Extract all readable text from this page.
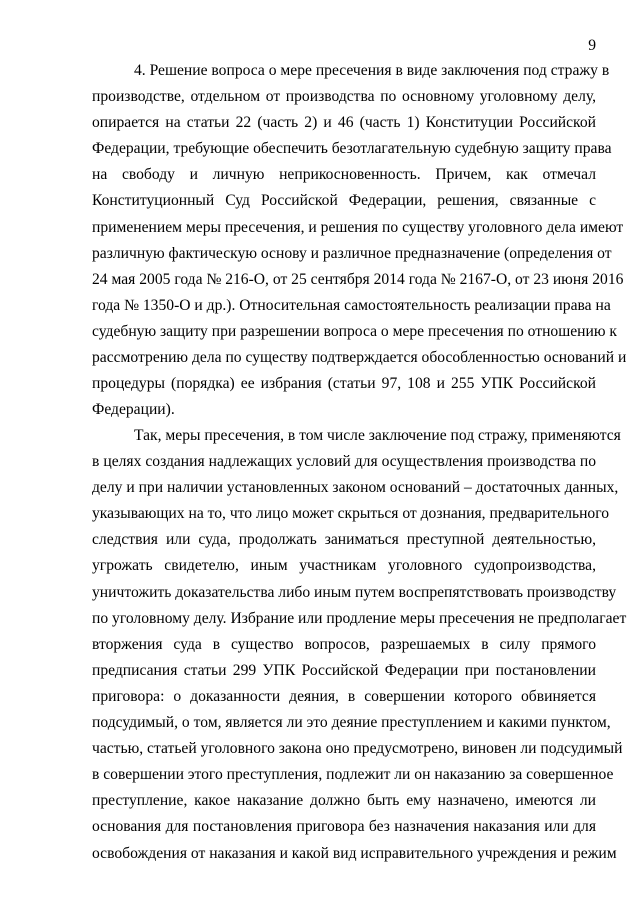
9
4. Решение вопроса о мере пресечения в виде заключения под стражу в
производстве, отдельном от производства по основному уголовному делу,
опирается на статьи 22 (часть 2) и 46 (часть 1) Конституции Российской
Федерации, требующие обеспечить безотлагательную судебную защиту права
на свободу и личную неприкосновенность. Причем, как отмечал
Конституционный Суд Российской Федерации, решения, связанные с
применением меры пресечения, и решения по существу уголовного дела имеют
различную фактическую основу и различное предназначение (определения от
24 мая 2005 года № 216-О, от 25 сентября 2014 года № 2167-О, от 23 июня 2016
года № 1350-О и др.). Относительная самостоятельность реализации права на
судебную защиту при разрешении вопроса о мере пресечения по отношению к
рассмотрению дела по существу подтверждается обособленностью оснований и
процедуры (порядка) ее избрания (статьи 97, 108 и 255 УПК Российской
Федерации).
Так, меры пресечения, в том числе заключение под стражу, применяются
в целях создания надлежащих условий для осуществления производства по
делу и при наличии установленных законом оснований – достаточных данных,
указывающих на то, что лицо может скрыться от дознания, предварительного
следствия или суда, продолжать заниматься преступной деятельностью,
угрожать свидетелю, иным участникам уголовного судопроизводства,
уничтожить доказательства либо иным путем воспрепятствовать производству
по уголовному делу. Избрание или продление меры пресечения не предполагает
вторжения суда в существо вопросов, разрешаемых в силу прямого
предписания статьи 299 УПК Российской Федерации при постановлении
приговора: о доказанности деяния, в совершении которого обвиняется
подсудимый, о том, является ли это деяние преступлением и какими пунктом,
частью, статьей уголовного закона оно предусмотрено, виновен ли подсудимый
в совершении этого преступления, подлежит ли он наказанию за совершенное
преступление, какое наказание должно быть ему назначено, имеются ли
основания для постановления приговора без назначения наказания или для
освобождения от наказания и какой вид исправительного учреждения и режим
